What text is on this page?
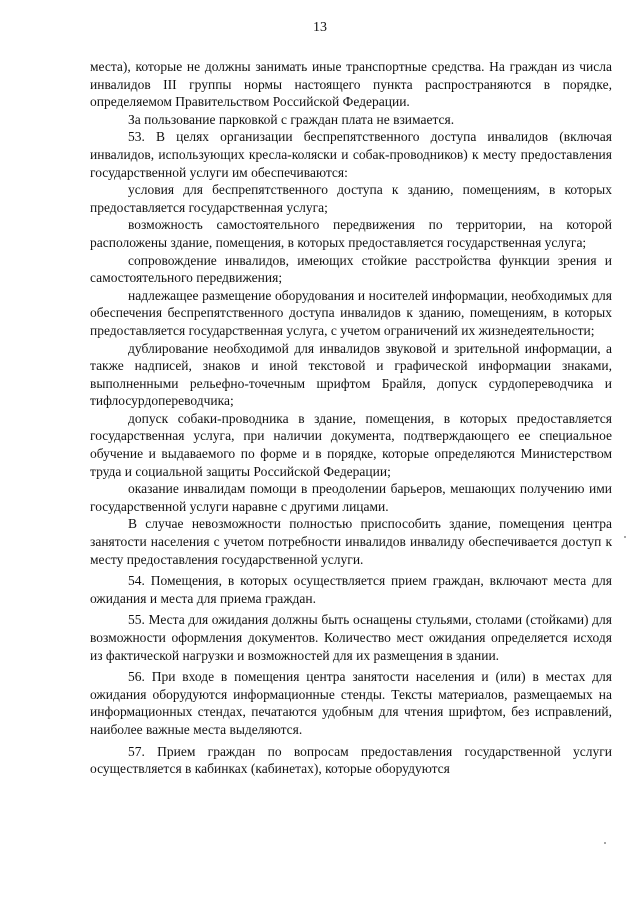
13

места), которые не должны занимать иные транспортные средства. На граждан из числа инвалидов III группы нормы настоящего пункта распространяются в порядке, определяемом Правительством Российской Федерации.

За пользование парковкой с граждан плата не взимается.

53. В целях организации беспрепятственного доступа инвалидов (включая инвалидов, использующих кресла-коляски и собак-проводников) к месту предоставления государственной услуги им обеспечиваются:

условия для беспрепятственного доступа к зданию, помещениям, в которых предоставляется государственная услуга;

возможность самостоятельного передвижения по территории, на которой расположены здание, помещения, в которых предоставляется государственная услуга;

сопровождение инвалидов, имеющих стойкие расстройства функции зрения и самостоятельного передвижения;

надлежащее размещение оборудования и носителей информации, необходимых для обеспечения беспрепятственного доступа инвалидов к зданию, помещениям, в которых предоставляется государственная услуга, с учетом ограничений их жизнедеятельности;

дублирование необходимой для инвалидов звуковой и зрительной информации, а также надписей, знаков и иной текстовой и графической информации знаками, выполненными рельефно-точечным шрифтом Брайля, допуск сурдопереводчика и тифлосурдопереводчика;

допуск собаки-проводника в здание, помещения, в которых предоставляется государственная услуга, при наличии документа, подтверждающего ее специальное обучение и выдаваемого по форме и в порядке, которые определяются Министерством труда и социальной защиты Российской Федерации;

оказание инвалидам помощи в преодолении барьеров, мешающих получению ими государственной услуги наравне с другими лицами.

В случае невозможности полностью приспособить здание, помещения центра занятости населения с учетом потребности инвалидов инвалиду обеспечивается доступ к месту предоставления государственной услуги.

54. Помещения, в которых осуществляется прием граждан, включают места для ожидания и места для приема граждан.

55. Места для ожидания должны быть оснащены стульями, столами (стойками) для возможности оформления документов. Количество мест ожидания определяется исходя из фактической нагрузки и возможностей для их размещения в здании.

56. При входе в помещения центра занятости населения и (или) в местах для ожидания оборудуются информационные стенды. Тексты материалов, размещаемых на информационных стендах, печатаются удобным для чтения шрифтом, без исправлений, наиболее важные места выделяются.

57. Прием граждан по вопросам предоставления государственной услуги осуществляется в кабинках (кабинетах), которые оборудуются
